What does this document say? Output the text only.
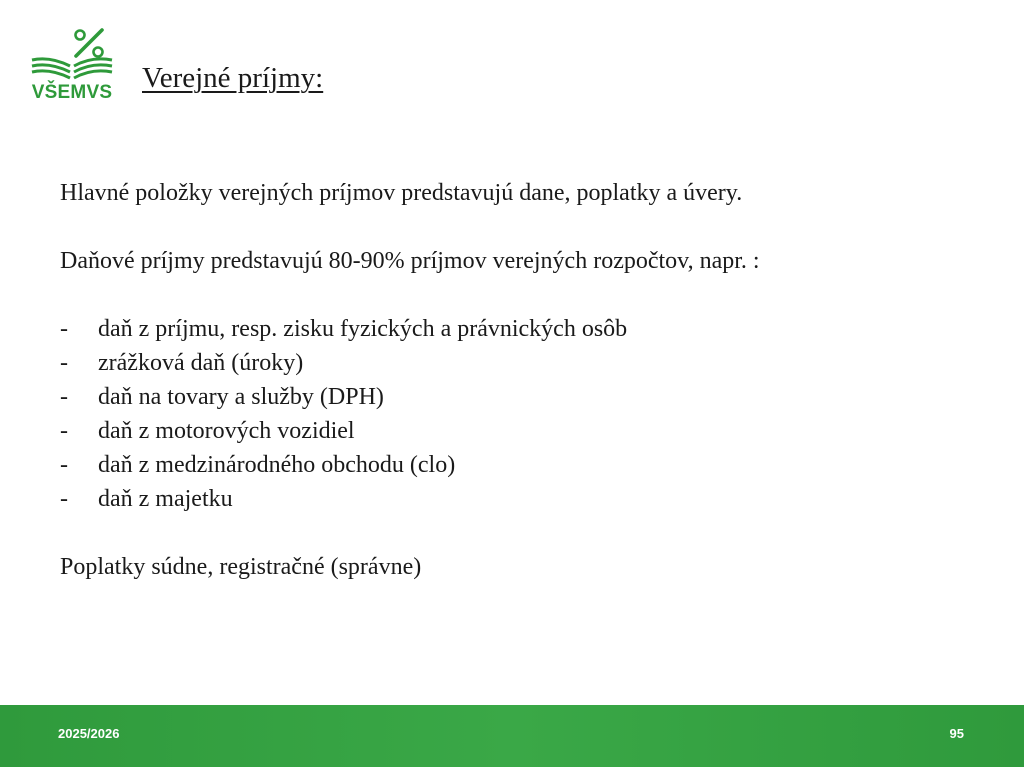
VŠEMVS Verejné príjmy:

Hlavné položky verejných príjmov predstavujú dane, poplatky a úvery.

Daňové príjmy predstavujú 80-90% príjmov verejných rozpočtov, napr. :

- daň z príjmu, resp. zisku fyzických a právnických osôb
- zrážková daň (úroky)
- daň na tovary a služby (DPH)
- daň z motorových vozidiel
- daň z medzinárodného obchodu (clo)
- daň z majetku

Poplatky súdne, registračné (správne)

2025/2026	95
